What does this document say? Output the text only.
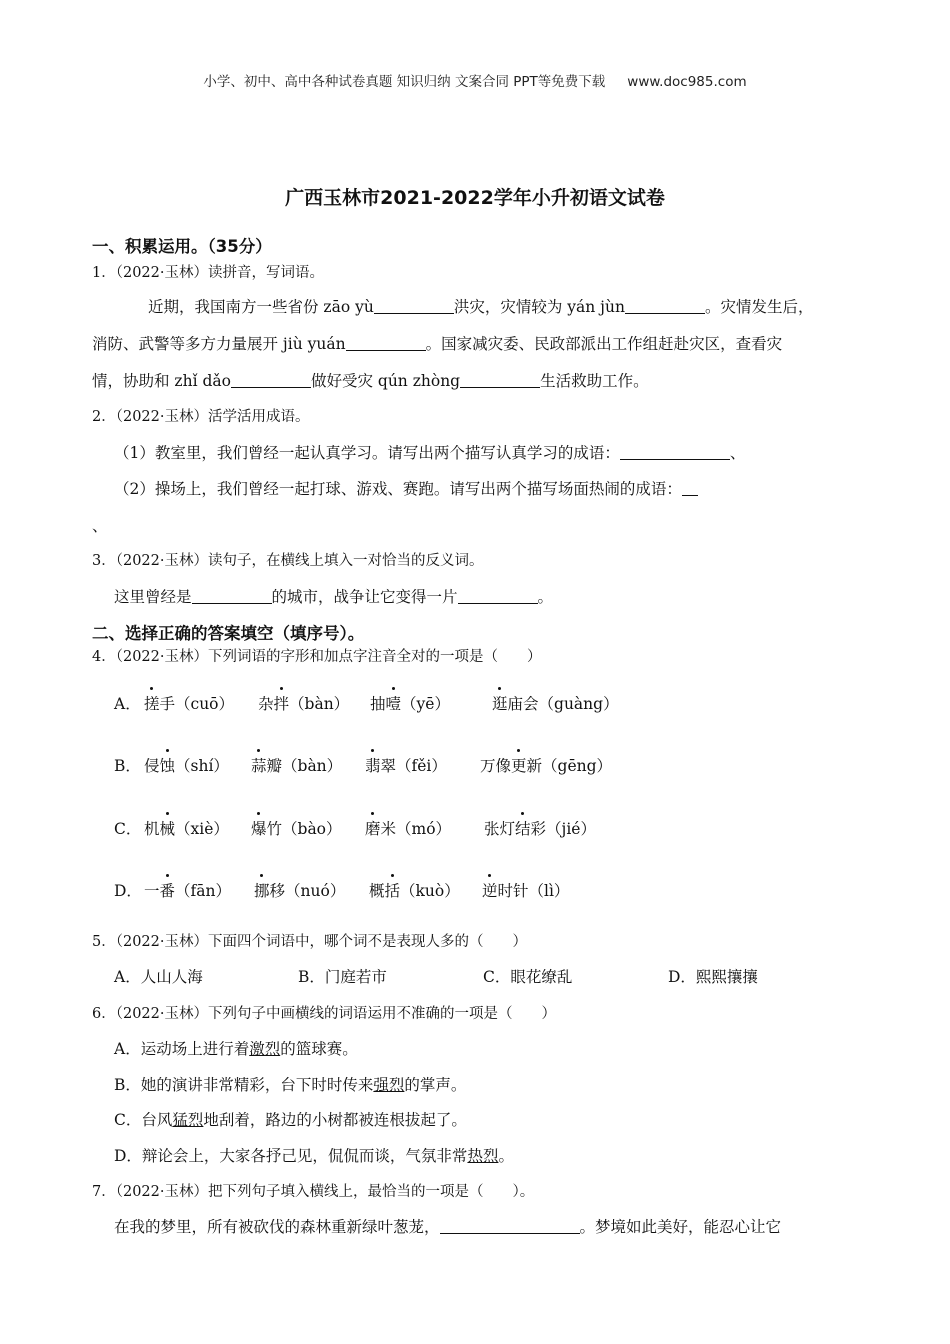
小学、初中、高中各种试卷真题 知识归纳 文案合同 PPT等免费下载 www.doc985.com
广西玉林市2021-2022学年小升初语文试卷
一、积累运用。（35分）
1．（2022·玉林）读拼音，写词语。
近期，我国南方一些省份 zāo yù	洪灾，灾情较为 yán jùn	。灾情发生后，
消防、武警等多方力量展开 jiù yuán	。国家减灾委、民政部派出工作组赶赴灾区，查看灾
情，协助和 zhǐ dǎo	做好受灾 qún zhòng	生活救助工作。
2．（2022·玉林）活学活用成语。
（1）教室里，我们曾经一起认真学习。请写出两个描写认真学习的成语：	、
（2）操场上，我们曾经一起打球、游戏、赛跑。请写出两个描写场面热闹的成语：
、
3．（2022·玉林）读句子，在横线上填入一对恰当的反义词。
这里曾经是	的城市，战争让它变得一片	。
二、选择正确的答案填空（填序号）。
4．（2022·玉林）下列词语的字形和加点字注音全对的一项是（　　）
A． 搓手（cuō） 杂拌（bàn） 抽噎（yē）	逛庙会（guàng）
B． 侵蚀（shí） 蒜瓣（bàn） 翡翠（fěi） 万像更新（gēng）
C． 机械（xiè） 爆竹（bào） 磨米（mó） 张灯结彩（jié）
D． 一番（fān） 挪移（nuó） 概括（kuò） 逆时针（lì）
5．（2022·玉林）下面四个词语中，哪个词不是表现人多的（　　）
A．人山人海	B．门庭若市	C．眼花缭乱	D．熙熙攘攘
6．（2022·玉林）下列句子中画横线的词语运用不准确的一项是（　　）
A．运动场上进行着激烈的篮球赛。
B．她的演讲非常精彩，台下时时传来强烈的掌声。
C．台风猛烈地刮着，路边的小树都被连根拔起了。
D．辩论会上，大家各抒己见，侃侃而谈，气氛非常热烈。
7．（2022·玉林）把下列句子填入横线上，最恰当的一项是（　　）。
在我的梦里，所有被砍伐的森林重新绿叶葱茏，	。梦境如此美好，能忍心让它
